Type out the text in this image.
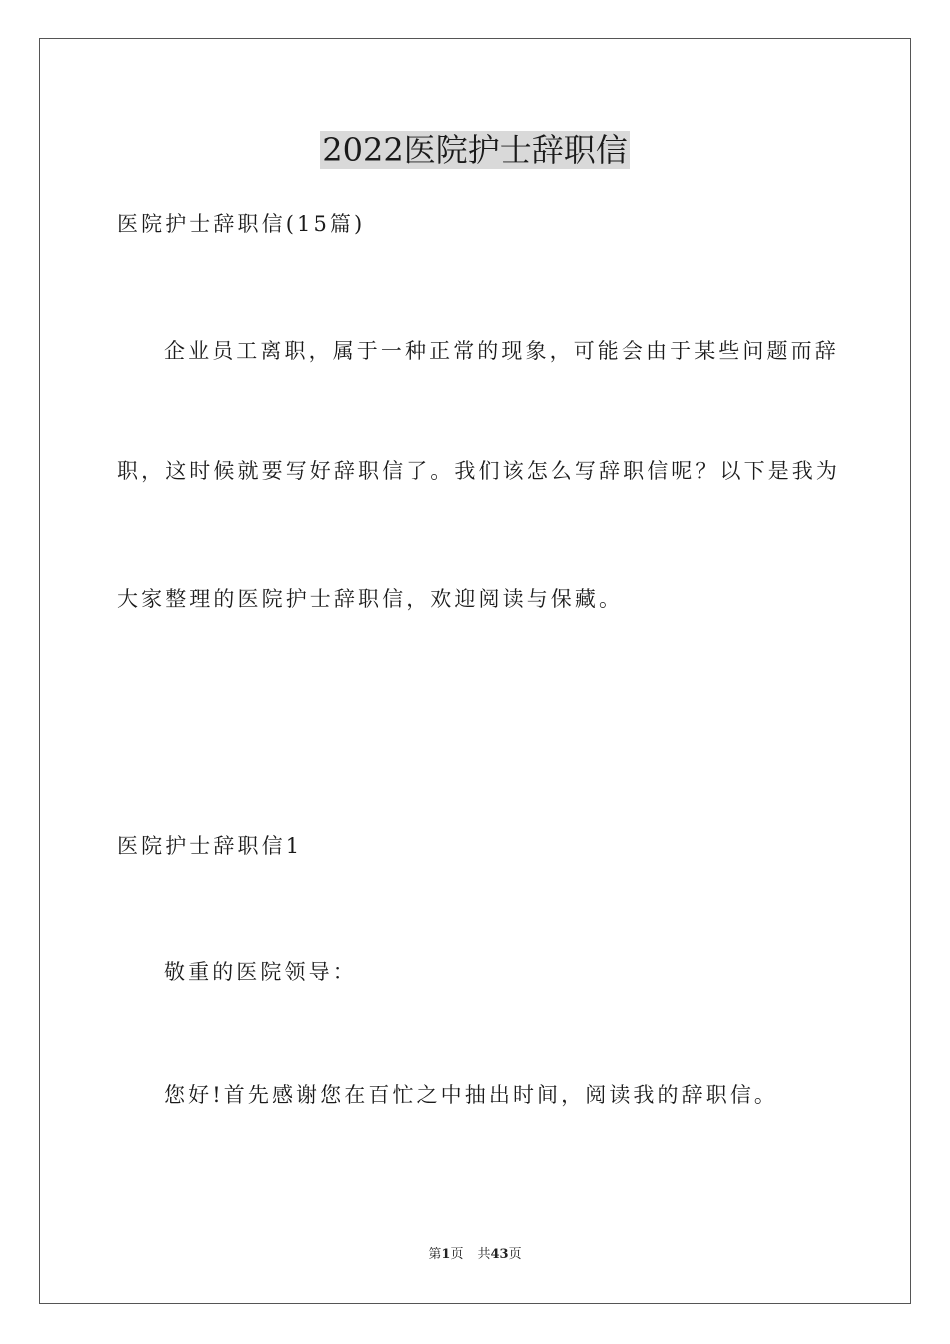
2022医院护士辞职信

医院护士辞职信(15篇)

企业员工离职，属于一种正常的现象，可能会由于某些问题而辞

职，这时候就要写好辞职信了。我们该怎么写辞职信呢？以下是我为

大家整理的医院护士辞职信，欢迎阅读与保藏。

医院护士辞职信1

敬重的医院领导：

您好!首先感谢您在百忙之中抽出时间，阅读我的辞职信。

第1页 共43页
